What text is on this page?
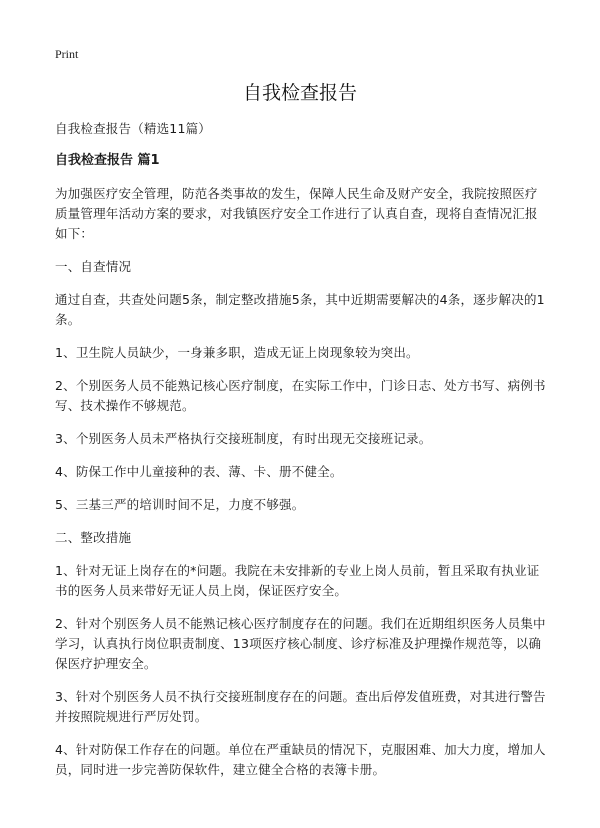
Print
自我检查报告

自我检查报告（精选11篇）

自我检查报告 篇1

为加强医疗安全管理，防范各类事故的发生，保障人民生命及财产安全，我院按照医疗质量管理年活动方案的要求，对我镇医疗安全工作进行了认真自查，现将自查情况汇报如下：

一、自查情况

通过自查，共查处问题5条，制定整改措施5条，其中近期需要解决的4条，逐步解决的1条。

1、卫生院人员缺少，一身兼多职，造成无证上岗现象较为突出。

2、个别医务人员不能熟记核心医疗制度，在实际工作中，门诊日志、处方书写、病例书写、技术操作不够规范。

3、个别医务人员未严格执行交接班制度，有时出现无交接班记录。

4、防保工作中儿童接种的表、薄、卡、册不健全。

5、三基三严的培训时间不足，力度不够强。

二、整改措施

1、针对无证上岗存在的*问题。我院在未安排新的专业上岗人员前，暂且采取有执业证书的医务人员来带好无证人员上岗，保证医疗安全。

2、针对个别医务人员不能熟记核心医疗制度存在的问题。我们在近期组织医务人员集中学习，认真执行岗位职责制度、13项医疗核心制度、诊疗标准及护理操作规范等，以确保医疗护理安全。

3、针对个别医务人员不执行交接班制度存在的问题。查出后停发值班费，对其进行警告并按照院规进行严厉处罚。

4、针对防保工作存在的问题。单位在严重缺员的情况下，克服困难、加大力度，增加人员，同时进一步完善防保软件，建立健全合格的表簿卡册。
